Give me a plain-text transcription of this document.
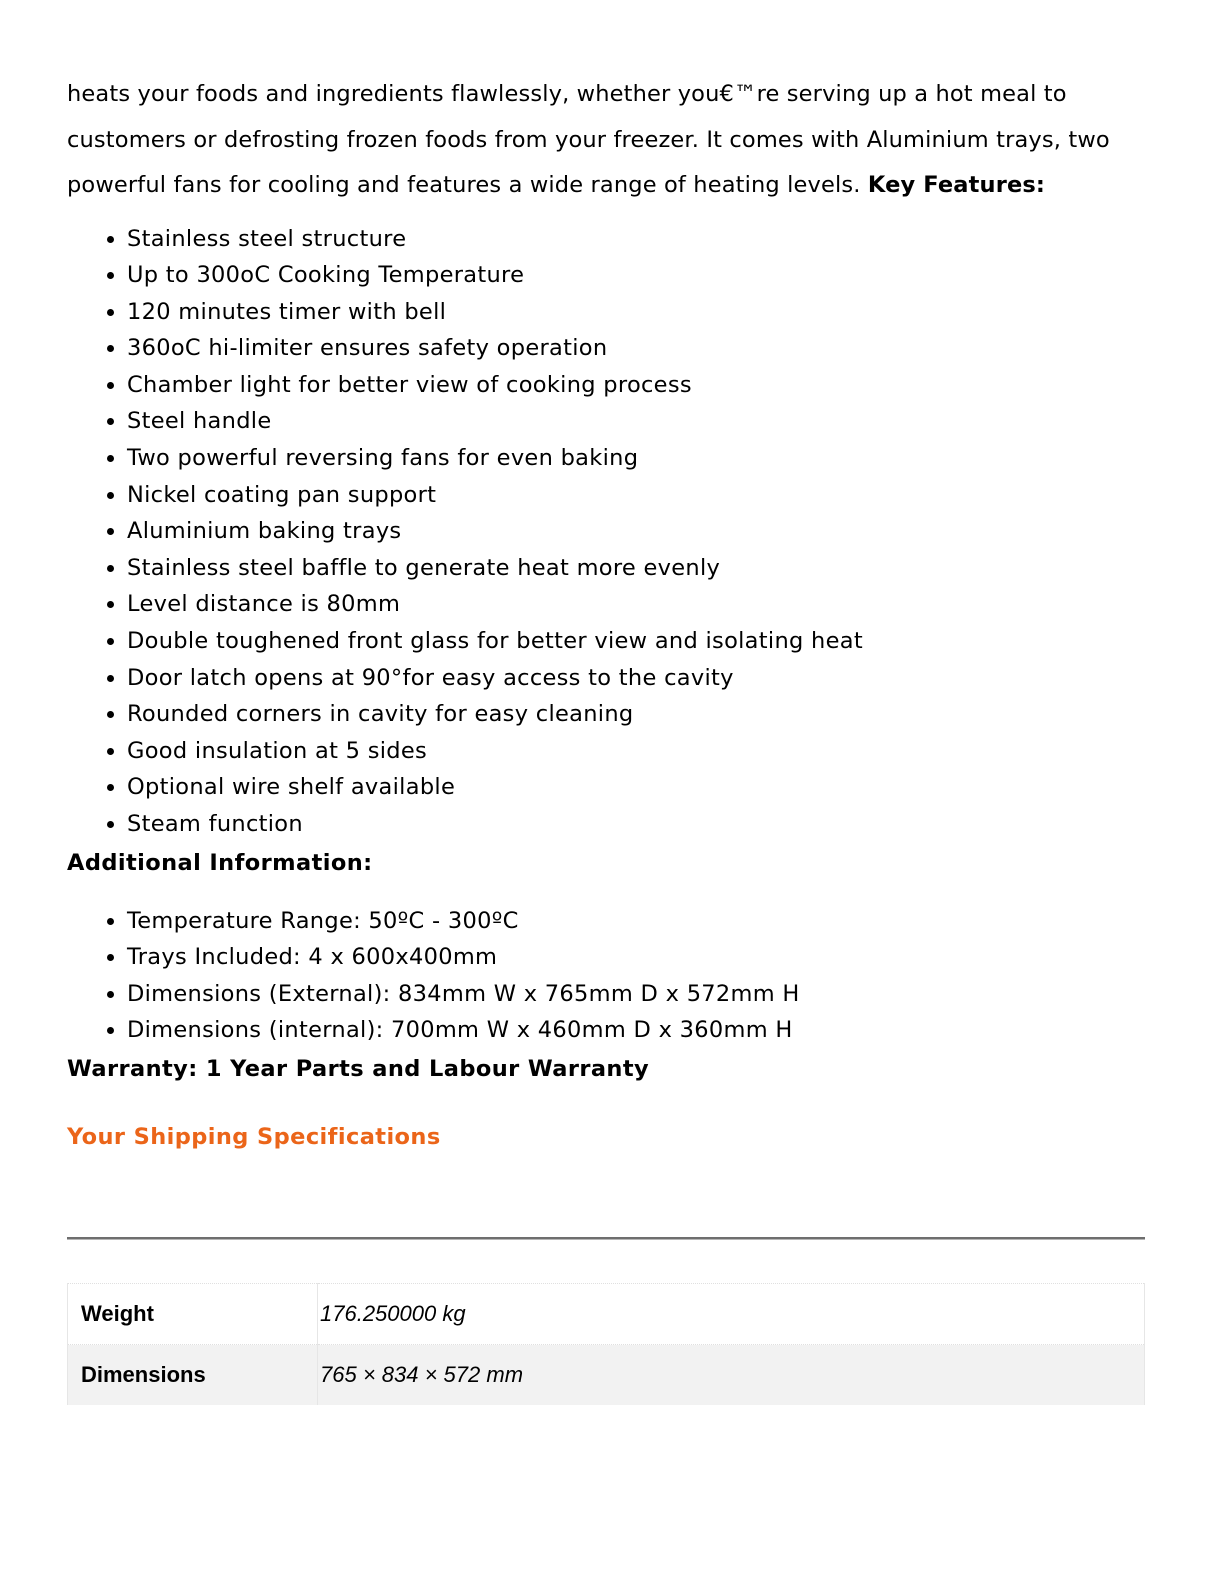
heats your foods and ingredients flawlessly, whether you€™re serving up a hot meal to customers or defrosting frozen foods from your freezer. It comes with Aluminium trays, two powerful fans for cooling and features a wide range of heating levels. Key Features:

• Stainless steel structure
• Up to 300oC Cooking Temperature
• 120 minutes timer with bell
• 360oC hi-limiter ensures safety operation
• Chamber light for better view of cooking process
• Steel handle
• Two powerful reversing fans for even baking
• Nickel coating pan support
• Aluminium baking trays
• Stainless steel baffle to generate heat more evenly
• Level distance is 80mm
• Double toughened front glass for better view and isolating heat
• Door latch opens at 90°for easy access to the cavity
• Rounded corners in cavity for easy cleaning
• Good insulation at 5 sides
• Optional wire shelf available
• Steam function
Additional Information:
• Temperature Range: 50ºC - 300ºC
• Trays Included: 4 x 600x400mm
• Dimensions (External): 834mm W x 765mm D x 572mm H
• Dimensions (internal): 700mm W x 460mm D x 360mm H
Warranty: 1 Year Parts and Labour Warranty
Your Shipping Specifications
Weight	176.250000 kg
Dimensions	765 × 834 × 572 mm
